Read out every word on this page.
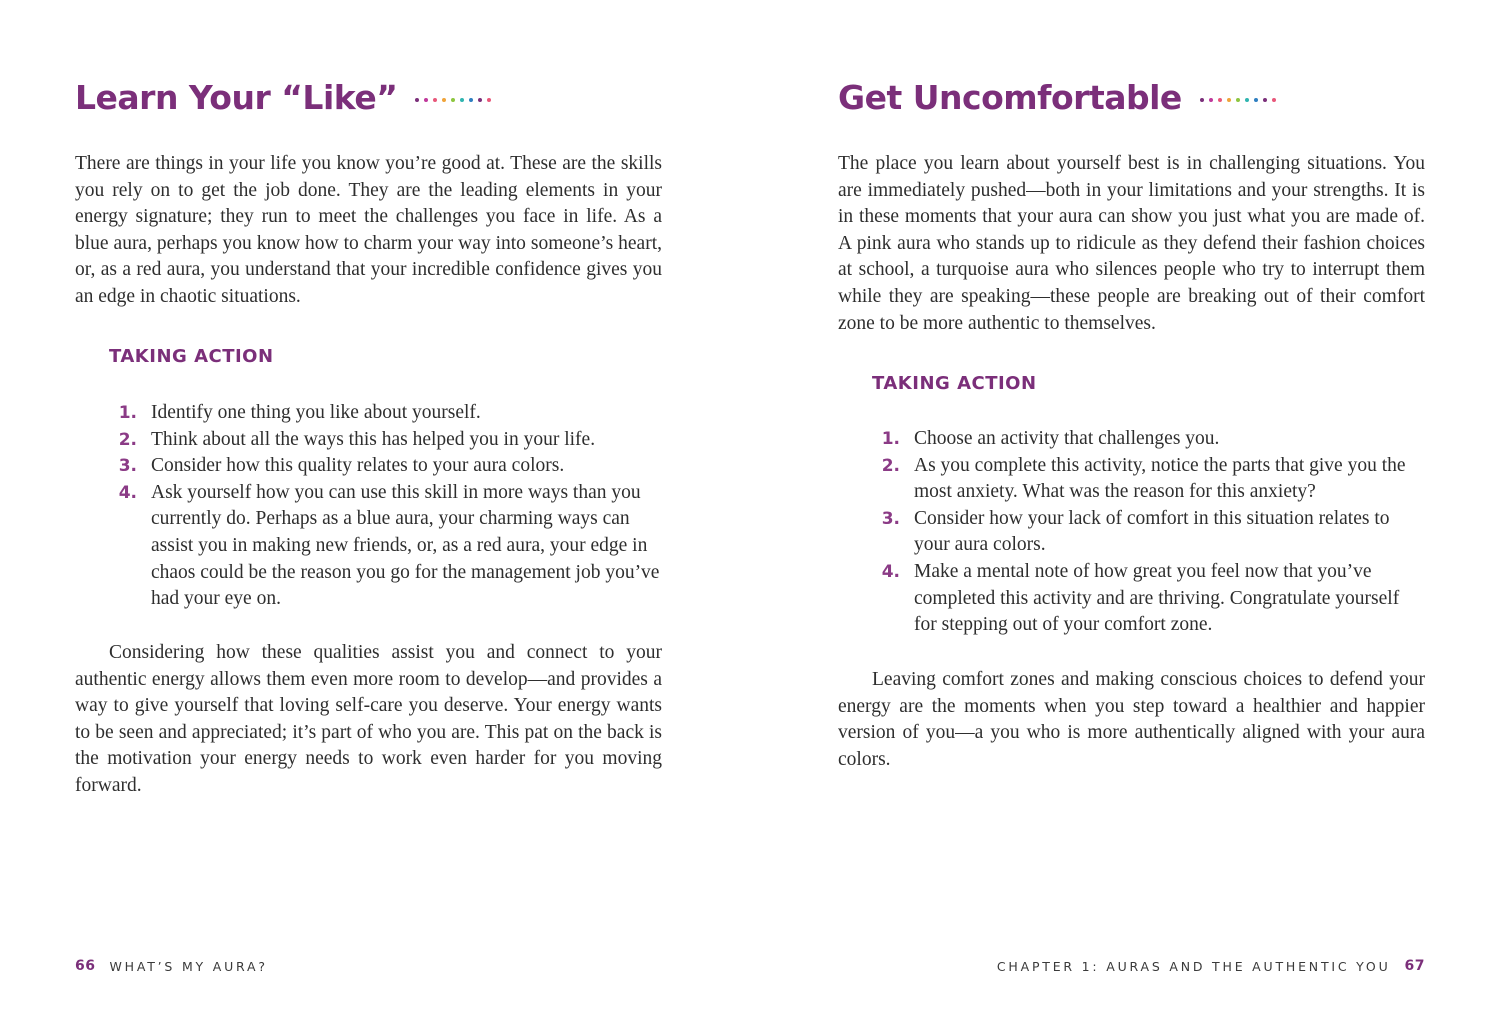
Learn Your “Like”

There are things in your life you know you’re good at. These are the skills you rely on to get the job done. They are the leading elements in your energy signature; they run to meet the challenges you face in life. As a blue aura, perhaps you know how to charm your way into someone’s heart, or, as a red aura, you understand that your incredible confidence gives you an edge in chaotic situations.

TAKING ACTION
1. Identify one thing you like about yourself.
2. Think about all the ways this has helped you in your life.
3. Consider how this quality relates to your aura colors.
4. Ask yourself how you can use this skill in more ways than you currently do. Perhaps as a blue aura, your charming ways can assist you in making new friends, or, as a red aura, your edge in chaos could be the reason you go for the management job you’ve had your eye on.

Considering how these qualities assist you and connect to your authentic energy allows them even more room to develop—and provides a way to give yourself that loving self-care you deserve. Your energy wants to be seen and appreciated; it’s part of who you are. This pat on the back is the motivation your energy needs to work even harder for you moving forward.

Get Uncomfortable

The place you learn about yourself best is in challenging situations. You are immediately pushed—both in your limitations and your strengths. It is in these moments that your aura can show you just what you are made of. A pink aura who stands up to ridicule as they defend their fashion choices at school, a turquoise aura who silences people who try to interrupt them while they are speaking—these people are breaking out of their comfort zone to be more authentic to themselves.

TAKING ACTION
1. Choose an activity that challenges you.
2. As you complete this activity, notice the parts that give you the most anxiety. What was the reason for this anxiety?
3. Consider how your lack of comfort in this situation relates to your aura colors.
4. Make a mental note of how great you feel now that you’ve completed this activity and are thriving. Congratulate yourself for stepping out of your comfort zone.

Leaving comfort zones and making conscious choices to defend your energy are the moments when you step toward a healthier and happier version of you—a you who is more authentically aligned with your aura colors.

66 WHAT’S MY AURA?	CHAPTER 1: AURAS AND THE AUTHENTIC YOU 67
